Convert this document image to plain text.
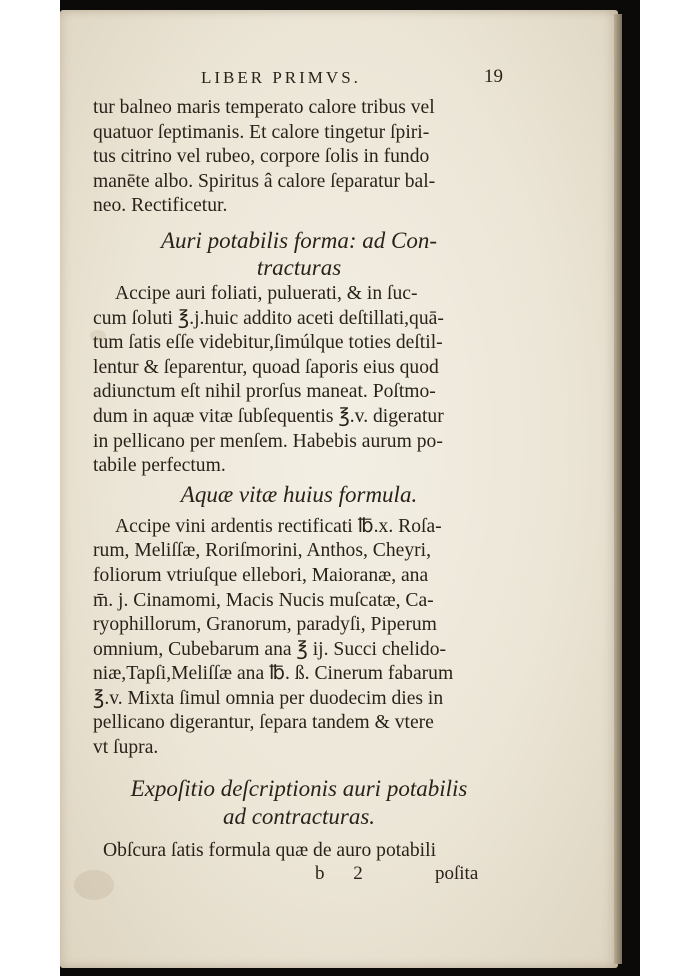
LIBER PRIMVS.	19
tur balneo maris temperato calore tribus vel
quatuor ſeptimanis. Et calore tingetur ſpiri-
tus citrino vel rubeo, corpore ſolis in fundo
manēte albo. Spiritus â calore ſeparatur bal-
neo. Rectificetur.
Auri potabilis forma: ad Con-
tracturas
Accipe auri foliati, puluerati, & in ſuc-
cum ſoluti ℥.j.huic addito aceti deſtillati,quā-
tum ſatis eſſe videbitur,ſimúlque toties deſtil-
lentur & ſeparentur, quoad ſaporis eius quod
adiunctum eſt nihil prorſus maneat. Poſtmo-
dum in aquæ vitæ ſubſequentis ℥.v. digeratur
in pellicano per menſem. Habebis aurum po-
tabile perfectum.
Aquæ vitæ huius formula.
Accipe vini ardentis rectificati ℔.x. Roſa-
rum, Meliſſæ, Roriſmorini, Anthos, Cheyri,
foliorum vtriuſque ellebori, Maioranæ, ana
m̄. j. Cinamomi, Macis Nucis muſcatæ, Ca-
ryophillorum, Granorum, paradyſi, Piperum
omnium, Cubebarum ana ℥ ij. Succi chelido-
niæ,Tapſi,Meliſſæ ana ℔. ß. Cinerum fabarum
℥.v. Mixta ſimul omnia per duodecim dies in
pellicano digerantur, ſepara tandem & vtere
vt ſupra.
Expoſitio deſcriptionis auri potabilis
ad contracturas.
Obſcura ſatis formula quæ de auro potabili
b 2	poſita
